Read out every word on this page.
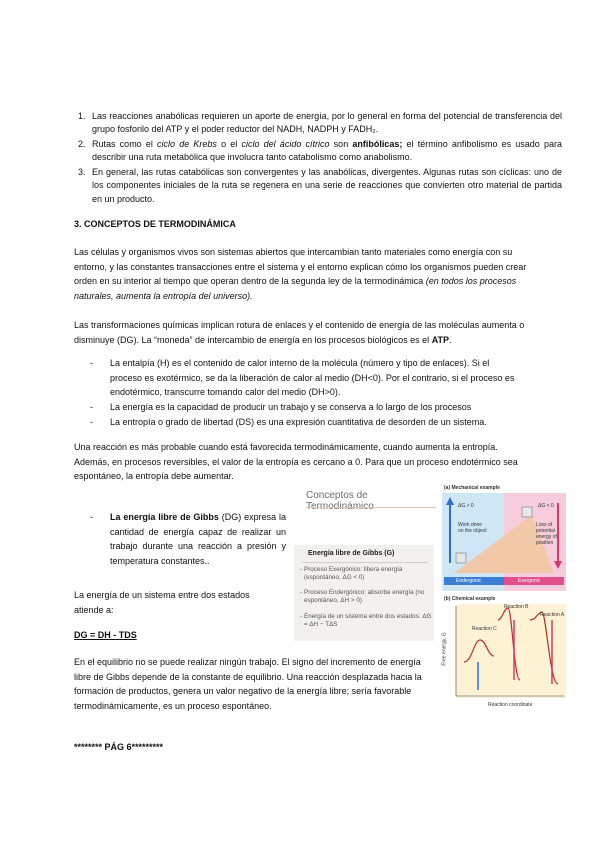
1. Las reacciones anabólicas requieren un aporte de energía, por lo general en forma del potencial de transferencia del grupo fosforilo del ATP y el poder reductor del NADH, NADPH y FADH₂.
2. Rutas como el ciclo de Krebs o el ciclo del ácido cítrico son anfibólicas; el término anfibolismo es usado para describir una ruta metabólica que involucra tanto catabolismo como anabolismo.
3. En general, las rutas catabólicas son convergentes y las anabólicas, divergentes. Algunas rutas son cíclicas: uno de los componentes iniciales de la ruta se regenera en una serie de reacciones que convierten otro material de partida en un producto.
3. CONCEPTOS DE TERMODINÁMICA
Las células y organismos vivos son sistemas abiertos que intercambian tanto materiales como energía con su entorno, y las constantes transacciones entre el sistema y el entorno explican cómo los organismos pueden crear orden en su interior al tiempo que operan dentro de la segunda ley de la termodinámica (en todos los procesos naturales, aumenta la entropía del universo).
Las transformaciones químicas implican rotura de enlaces y el contenido de energía de las moléculas aumenta o disminuye (DG). La “moneda” de intercambio de energía en los procesos biológicos es el ATP.
- La entalpía (H) es el contenido de calor interno de la molécula (número y tipo de enlaces). Si el proceso es exotérmico, se da la liberación de calor al medio (DH<0). Por el contrario, si el proceso es endotérmico, transcurre tomando calor del medio (DH>0).
- La energía es la capacidad de producir un trabajo y se conserva a lo largo de los procesos
- La entropía o grado de libertad (DS) es una expresión cuantitativa de desorden de un sistema.
Una reacción es más probable cuando está favorecida termodinámicamente, cuando aumenta la entropía. Además, en procesos reversibles, el valor de la entropía es cercano a 0. Para que un proceso endotérmico sea espontáneo, la entropía debe aumentar.
- La energía libre de Gibbs (DG) expresa la cantidad de energía capaz de realizar un trabajo durante una reacción a presión y temperatura constantes..
La energía de un sistema entre dos estados atiende a:
DG = DH - TDS
En el equilibrio no se puede realizar ningún trabajo. El signo del incremento de energía libre de Gibbs depende de la constante de equilibrio. Una reacción desplazada hacia la formación de productos, genera un valor negativo de la energía libre; sería favorable termodinámicamente, es un proceso espontáneo.
******** PÁG 6*********
Conceptos de
Energía libre de Gibbs (G)
- Proceso Exergónico: libera energía (espontáneo, ΔG < 0)
- Proceso Endergónico: absorbe energía (no espontáneo, ΔH > 0)
- Energía de un sistema entre dos estados: ΔG = ΔH − TΔS
(a) Mechanical example
ΔG > 0	ΔG < 0
Work done on the object
Loss of potential energy of position
Endergonic	Exergonic
(b) Chemical example
Reaction C
Reaction B
Reaction A
Reaction coordinate
Free energy, G
